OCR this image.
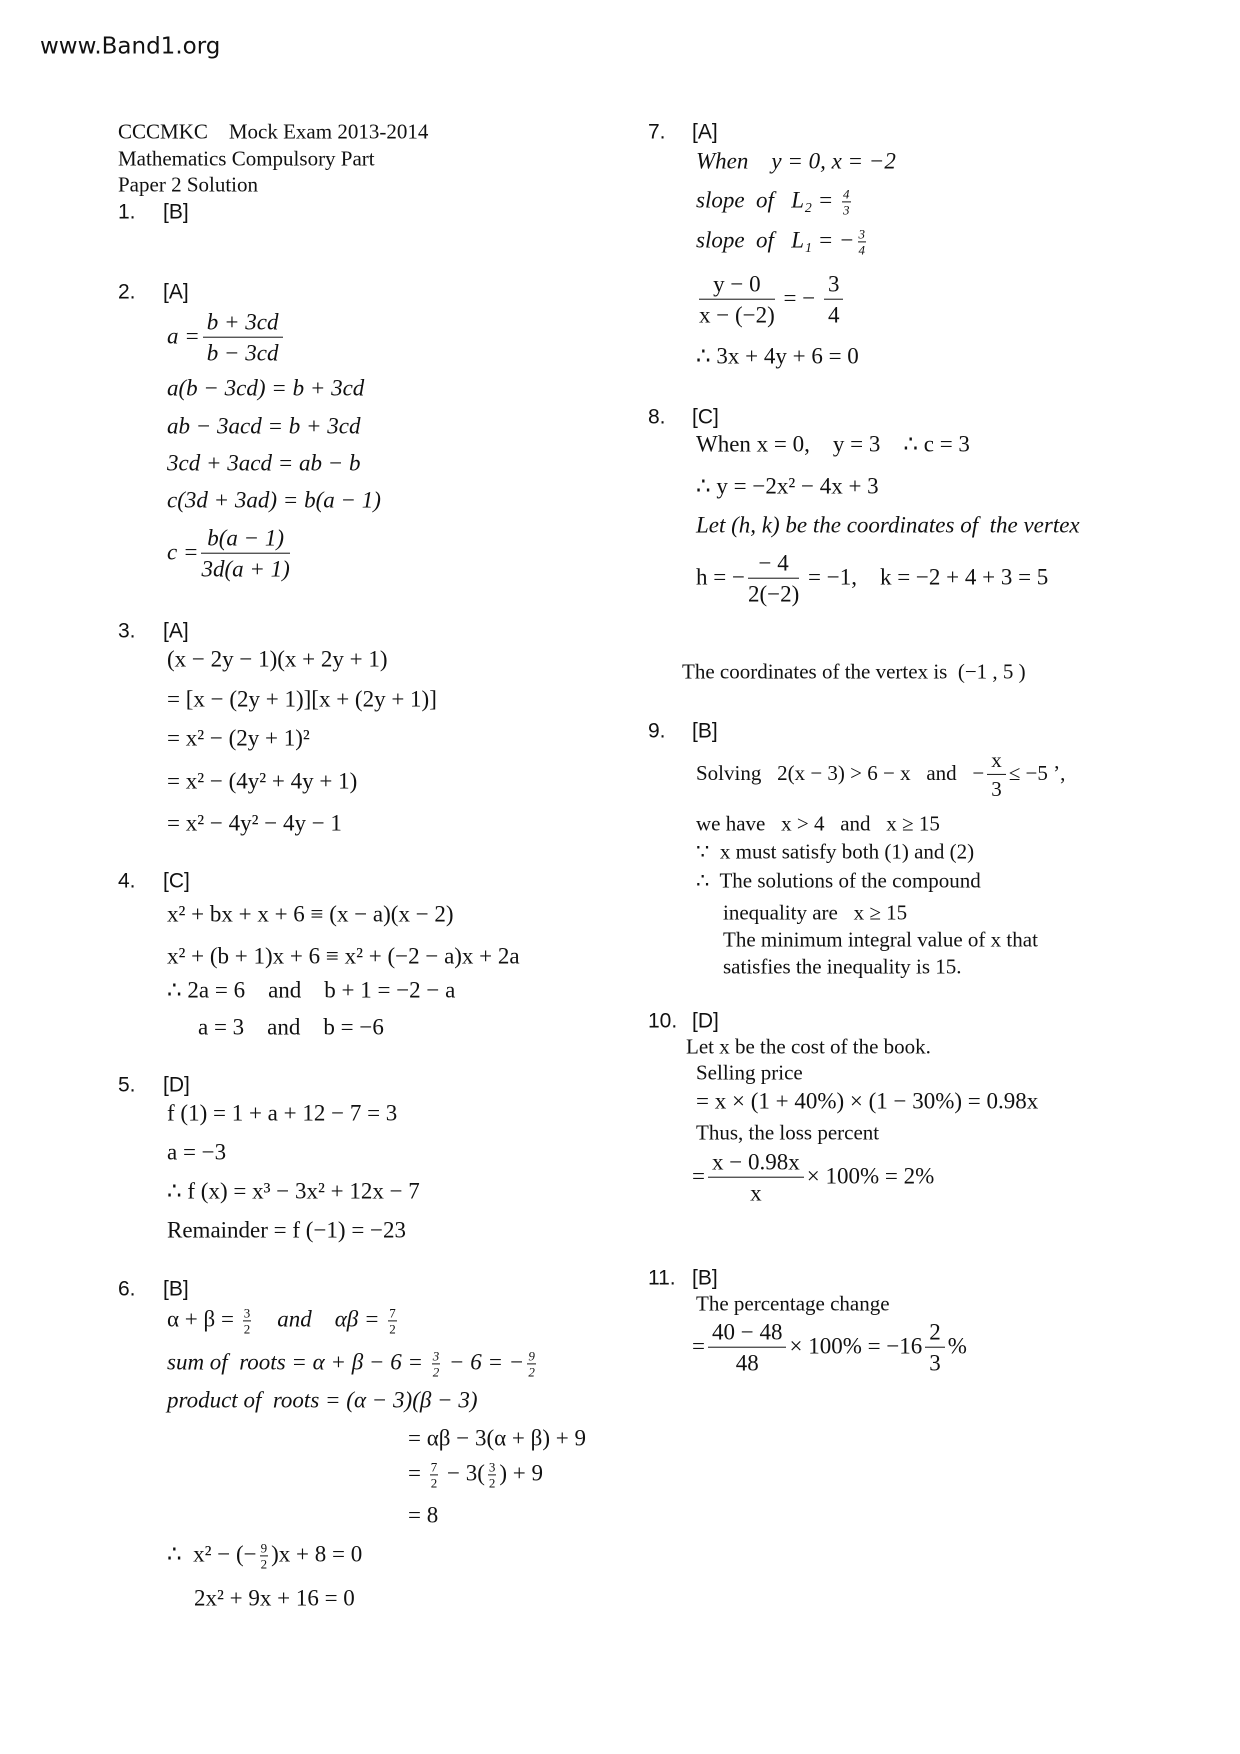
www.Band1.org
CCCMKC    Mock Exam 2013-2014
Mathematics Compulsory Part
Paper 2 Solution
1. [B]
2. [A]
$a = \frac{b + 3cd}{b - 3cd}$
a(b − 3cd) = b + 3cd
ab − 3acd = b + 3cd
3cd + 3acd = ab − b
c(3d + 3ad) = b(a − 1)
$c = \frac{b(a - 1)}{3d(a + 1)}$
3. [A]
(x − 2y − 1)(x + 2y + 1)
= [x − (2y + 1)][x + (2y + 1)]
= x² − (2y + 1)²
= x² − (4y² + 4y + 1)
= x² − 4y² − 4y − 1
4. [C]
x² + bx + x + 6 ≡ (x − a)(x − 2)
x² + (b + 1)x + 6 ≡ x² + (−2 − a)x + 2a
∴ 2a = 6    and    b + 1 = −2 − a
a = 3    and    b = −6
5. [D]
f (1) = 1 + a + 12 − 7 = 3
a = −3
∴ f (x) = x³ − 3x² + 12x − 7
Remainder = f (−1) = −23
6. [B]
$\alpha + \beta = \frac{3}{2}$ and    $\alpha\beta = \frac{7}{2}$
sum of  roots = $\alpha + \beta - 6 = \frac{3}{2} - 6$ = − $\frac{9}{2}$
product of  roots = (α − 3)(β − 3)
= αβ − 3(α + β) + 9
= $\frac{7}{2} - 3( \frac{3}{2}$ ) + 9
= 8
∴  x² − (− $\frac{9}{2} )x + 8 = 0$
2x² + 9x + 16 = 0
7. [A]
When    y = 0, x = −2
slope  of   $L_2 = \frac{4}{3}$
slope  of   L₁ = − $\frac{3}{4}$
$\frac{y - 0}{x - (-2)}$ = − $\frac{3}{4}$
∴ 3x + 4y + 6 = 0
8. [C]
When x = 0,    y = 3    ∴ c = 3
∴ y = −2x² − 4x + 3
Let (h, k) be the coordinates of  the vertex
h = − $\frac{- 4}{2(-2)} = -1$,    k = −2 + 4 + 3 = 5
The coordinates of the vertex is  (−1 , 5 )
9. [B]
Solving   2(x − 3) > 6 − x   and   − $\frac{x}{3} \le -5$ ’,
we have   x > 4   and   x ≥ 15
∵  x must satisfy both (1) and (2)
∴  The solutions of the compound
inequality are   x ≥ 15
The minimum integral value of x that
satisfies the inequality is 15.
10. [D]
Let x be the cost of the book.
Selling price
= x × (1 + 40%) × (1 − 30%) = 0.98x
Thus, the loss percent
= $\frac{x - 0.98x}{x} \times 100\% = 2\%$
11. [B]
The percentage change
= $\frac{40 - 48}{48} \times 100\% = -16 \frac{2}{3}$ %
